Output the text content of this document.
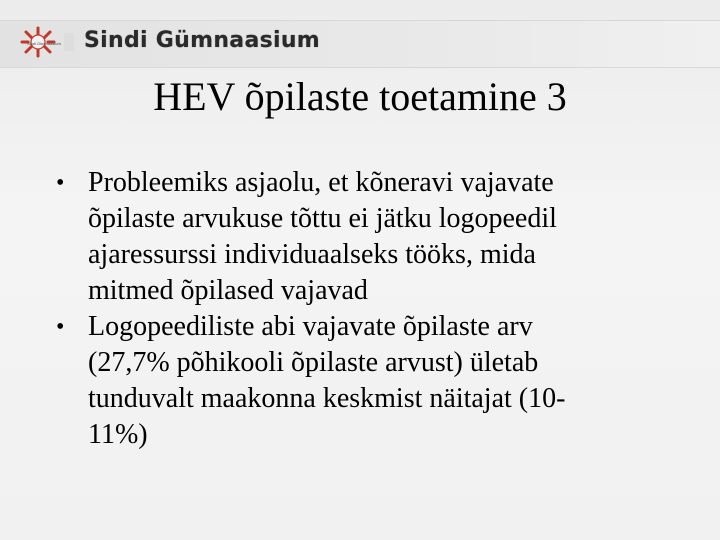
Sindi Gümnaasium Sindi Gümnaasium
HEV õpilaste toetamine 3
• Probleemiks asjaolu, et kõneravi vajavate
õpilaste arvukuse tõttu ei jätku logopeedil
ajaressurssi individuaalseks tööks, mida
mitmed õpilased vajavad
• Logopeediliste abi vajavate õpilaste arv
(27,7% põhikooli õpilaste arvust) ületab
tunduvalt maakonna keskmist näitajat (10-
11%)
